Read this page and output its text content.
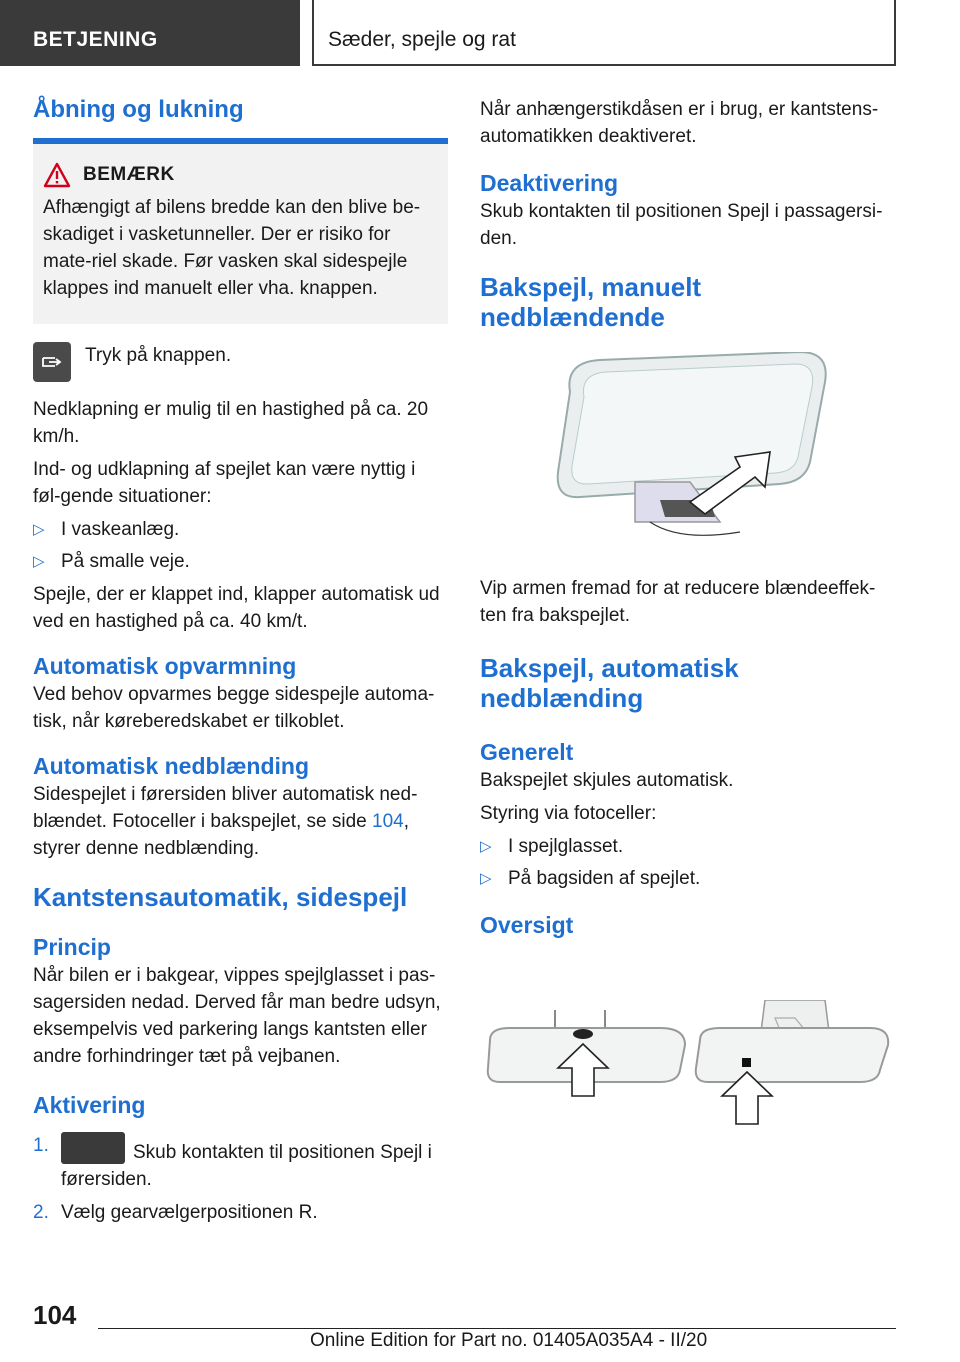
BETJENING	Sæder, spejle og rat
Åbning og lukning
BEMÆRK

Afhængigt af bilens bredde kan den blive be-skadiget i vasketunneller. Der er risiko for mate-riel skade. Før vasken skal sidespejle klappes ind manuelt eller vha. knappen.

Tryk på knappen.

Nedklapning er mulig til en hastighed på ca. 20 km/h.

Ind- og udklapning af spejlet kan være nyttig i føl-gende situationer:

▷ I vaskeanlæg.
▷ På smalle veje.

Spejle, der er klappet ind, klapper automatisk ud ved en hastighed på ca. 40 km/t.

Automatisk opvarmning

Ved behov opvarmes begge sidespejle automa-tisk, når kørеberedskabet er tilkoblet.

Automatisk nedblænding

Sidespejlet i førersiden bliver automatisk ned-blændet. Fotoceller i bakspejlet, se side 104, styrer denne nedblænding.

Kantstensautomatik, sidespejl
Princip

Når bilen er i bakgear, vippes spejlglasset i pas-sagersiden nedad. Derved får man bedre udsyn, eksempelvis ved parkering langs kantsten eller andre forhindringer tæt på vejbanen.

Aktivering
1.	Skub kontakten til positionen Spejl i førersiden.
2. Vælg gearvælgerpositionen R.

Når anhængerstikdåsen er i brug, er kantstens-automatikken deaktiveret.

Deaktivering

Skub kontakten til positionen Spejl i passagersi-den.

Bakspejl, manuelt nedblændende

Vip armen fremad for at reducere blændeeffek-ten fra bakspejlet.

Bakspejl, automatisk nedblænding
Generelt

Bakspejlet skjules automatisk.

Styring via fotoceller:

▷ I spejlglasset.
▷ På bagsiden af spejlet.
Oversigt
104
Online Edition for Part no. 01405A035A4 - II/20
